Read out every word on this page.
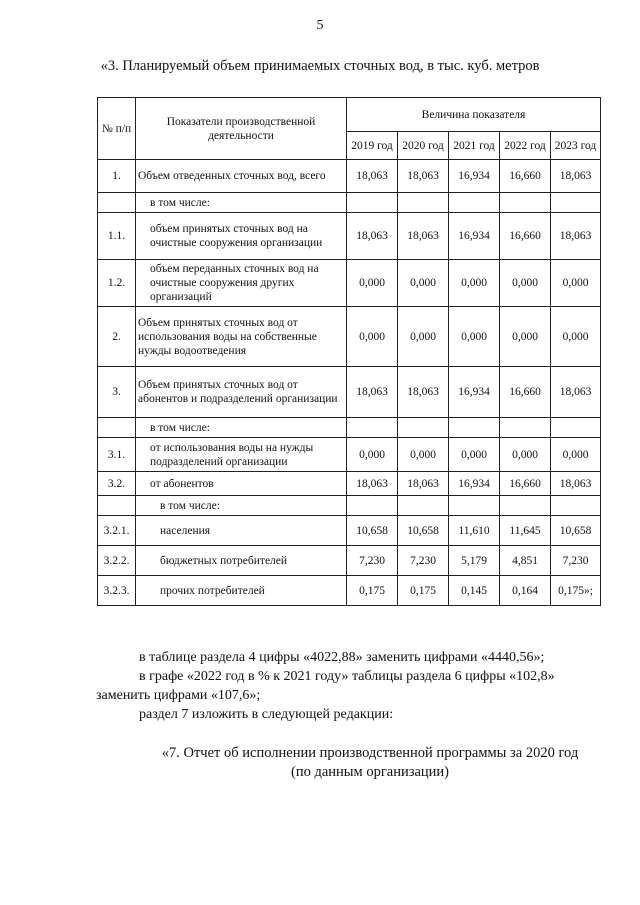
5
«3. Планируемый объем принимаемых сточных вод, в тыс. куб. метров
№ п/п	Показатели производственной деятельности	Величина показателя				
		2019 год	2020 год	2021 год	2022 год	2023 год
1.	Объем отведенных сточных вод, всего	18,063	18,063	16,934	16,660	18,063
	в том числе:					
1.1.	объем принятых сточных вод на очистные сооружения организации	18,063	18,063	16,934	16,660	18,063
1.2.	объем переданных сточных вод на очистные сооружения других организаций	0,000	0,000	0,000	0,000	0,000
2.	Объем принятых сточных вод от использования воды на собственные нужды водоотведения	0,000	0,000	0,000	0,000	0,000
3.	Объем принятых сточных вод от абонентов и подразделений организации	18,063	18,063	16,934	16,660	18,063
	в том числе:					
3.1.	от использования воды на нужды подразделений организации	0,000	0,000	0,000	0,000	0,000
3.2.	от абонентов	18,063	18,063	16,934	16,660	18,063
	в том числе:					
3.2.1.	населения	10,658	10,658	11,610	11,645	10,658
3.2.2.	бюджетных потребителей	7,230	7,230	5,179	4,851	7,230
3.2.3.	прочих потребителей	0,175	0,175	0,145	0,164	0,175»;
в таблице раздела 4 цифры «4022,88» заменить цифрами «4440,56»;
в графе «2022 год в % к 2021 году» таблицы раздела 6 цифры «102,8» заменить цифрами «107,6»;
раздел 7 изложить в следующей редакции:
«7. Отчет об исполнении производственной программы за 2020 год
(по данным организации)
